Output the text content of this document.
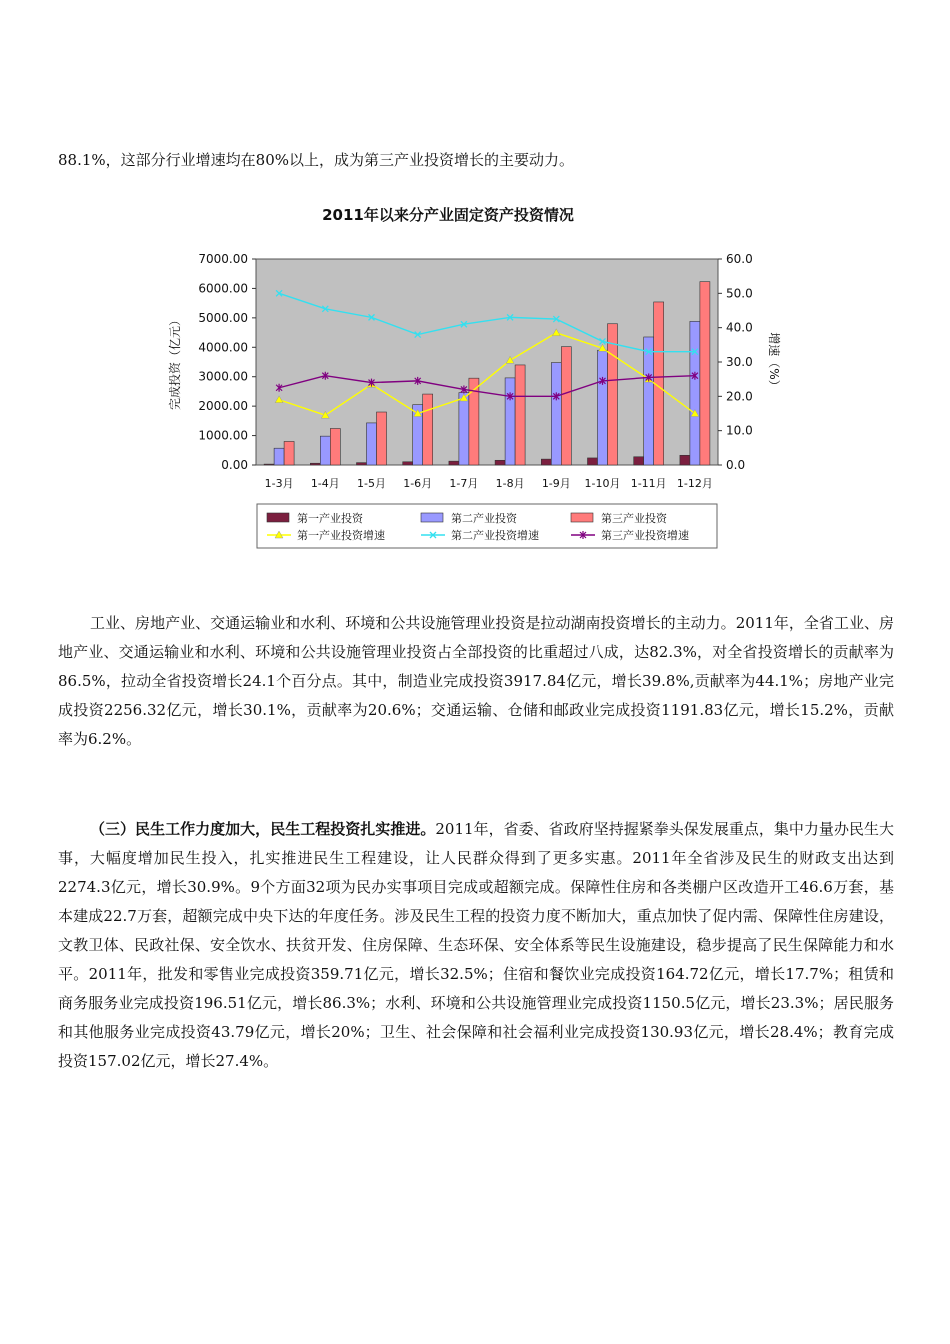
88.1%，这部分行业增速均在80%以上，成为第三产业投资增长的主要动力。

2011年以来分产业固定资产投资情况
7000.00
6000.00
5000.00
4000.00
3000.00
2000.00
1000.00
0.00
60.0
50.0
40.0
30.0
20.0
10.0
0.0
1-3月 1-4月 1-5月 1-6月 1-7月 1-8月 1-9月 1-10月 1-11月 1-12月
完成投资（亿元）	增速（%）
第一产业投资	第二产业投资	第三产业投资
第一产业投资增速	第二产业投资增速	第三产业投资增速

工业、房地产业、交通运输业和水利、环境和公共设施管理业投资是拉动湖南投资增长的主动力。2011年，全省工业、房地产业、交通运输业和水利、环境和公共设施管理业投资占全部投资的比重超过八成，达82.3%，对全省投资增长的贡献率为86.5%，拉动全省投资增长24.1个百分点。其中，制造业完成投资3917.84亿元，增长39.8%,贡献率为44.1%；房地产业完成投资2256.32亿元，增长30.1%，贡献率为20.6%；交通运输、仓储和邮政业完成投资1191.83亿元，增长15.2%，贡献率为6.2%。

（三）民生工作力度加大，民生工程投资扎实推进。2011年，省委、省政府坚持握紧拳头保发展重点，集中力量办民生大事，大幅度增加民生投入，扎实推进民生工程建设，让人民群众得到了更多实惠。2011年全省涉及民生的财政支出达到2274.3亿元，增长30.9%。9个方面32项为民办实事项目完成或超额完成。保障性住房和各类棚户区改造开工46.6万套，基本建成22.7万套，超额完成中央下达的年度任务。涉及民生工程的投资力度不断加大，重点加快了促内需、保障性住房建设，文教卫体、民政社保、安全饮水、扶贫开发、住房保障、生态环保、安全体系等民生设施建设，稳步提高了民生保障能力和水平。2011年，批发和零售业完成投资359.71亿元，增长32.5%；住宿和餐饮业完成投资164.72亿元，增长17.7%；租赁和商务服务业完成投资196.51亿元，增长86.3%；水利、环境和公共设施管理业完成投资1150.5亿元，增长23.3%；居民服务和其他服务业完成投资43.79亿元，增长20%；卫生、社会保障和社会福利业完成投资130.93亿元，增长28.4%；教育完成投资157.02亿元，增长27.4%。
